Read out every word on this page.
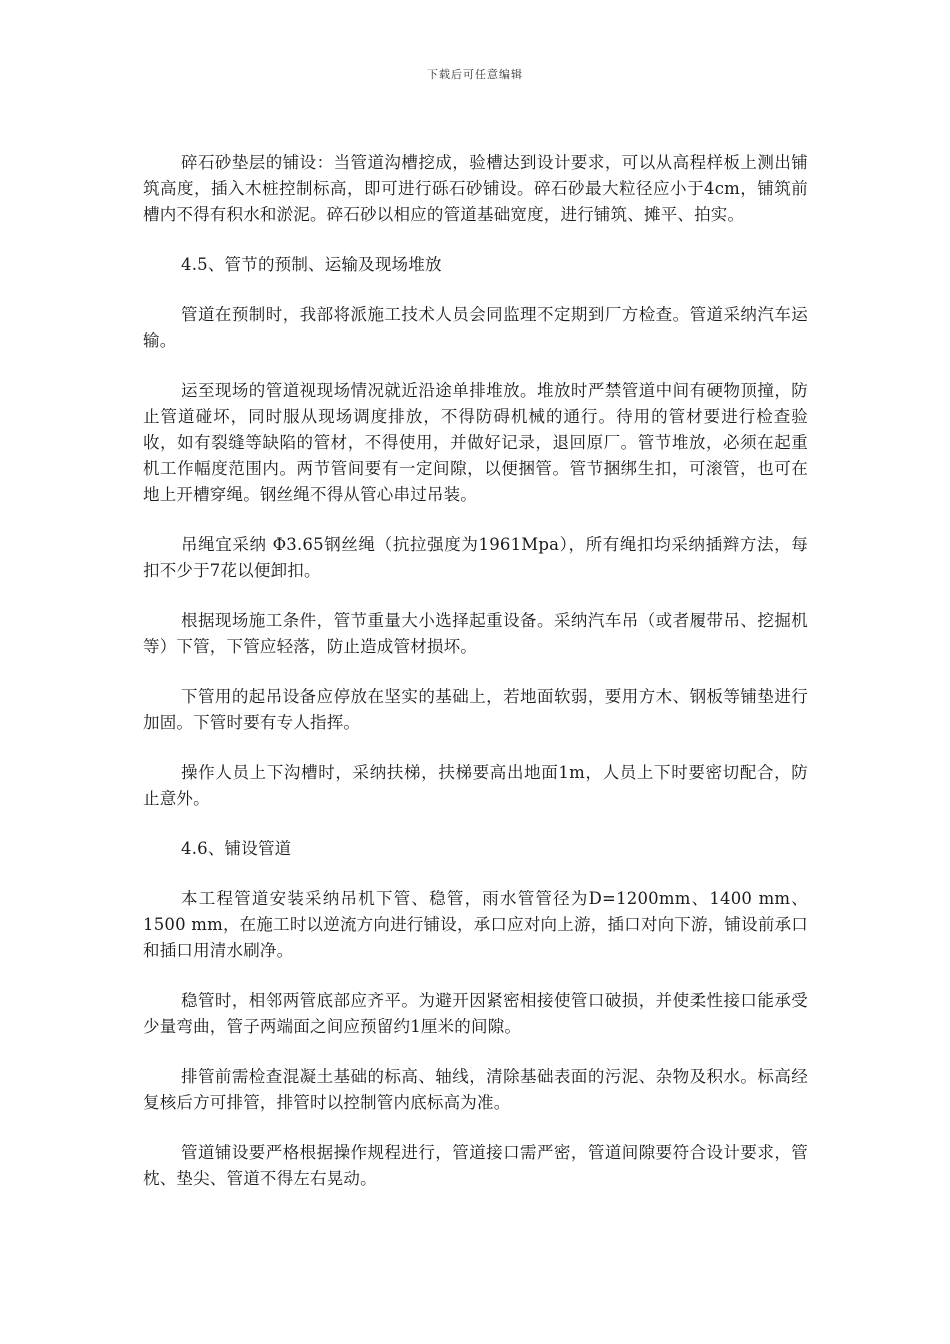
下载后可任意编辑

碎石砂垫层的铺设：当管道沟槽挖成，验槽达到设计要求，可以从高程样板上测出铺筑高度，插入木桩控制标高，即可进行砾石砂铺设。碎石砂最大粒径应小于4cm，铺筑前槽内不得有积水和淤泥。碎石砂以相应的管道基础宽度，进行铺筑、摊平、拍实。

4.5、管节的预制、运输及现场堆放

管道在预制时，我部将派施工技术人员会同监理不定期到厂方检查。管道采纳汽车运输。

运至现场的管道视现场情况就近沿途单排堆放。堆放时严禁管道中间有硬物顶撞，防止管道碰坏，同时服从现场调度排放，不得防碍机械的通行。待用的管材要进行检查验收，如有裂缝等缺陷的管材，不得使用，并做好记录，退回原厂。管节堆放，必须在起重机工作幅度范围内。两节管间要有一定间隙，以便捆管。管节捆绑生扣，可滚管，也可在地上开槽穿绳。钢丝绳不得从管心串过吊装。

吊绳宜采纳 Φ3.65钢丝绳（抗拉强度为1961Mpa），所有绳扣均采纳插辫方法，每扣不少于7花以便卸扣。

根据现场施工条件，管节重量大小选择起重设备。采纳汽车吊（或者履带吊、挖掘机等）下管，下管应轻落，防止造成管材损坏。

下管用的起吊设备应停放在坚实的基础上，若地面软弱，要用方木、钢板等铺垫进行加固。下管时要有专人指挥。

操作人员上下沟槽时，采纳扶梯，扶梯要高出地面1m，人员上下时要密切配合，防止意外。

4.6、铺设管道

本工程管道安装采纳吊机下管、稳管，雨水管管径为D=1200mm、1400 mm、1500 mm，在施工时以逆流方向进行铺设，承口应对向上游，插口对向下游，铺设前承口和插口用清水刷净。

稳管时，相邻两管底部应齐平。为避开因紧密相接使管口破损，并使柔性接口能承受少量弯曲，管子两端面之间应预留约1厘米的间隙。

排管前需检查混凝土基础的标高、轴线，清除基础表面的污泥、杂物及积水。标高经复核后方可排管，排管时以控制管内底标高为准。

管道铺设要严格根据操作规程进行，管道接口需严密，管道间隙要符合设计要求，管枕、垫尖、管道不得左右晃动。
